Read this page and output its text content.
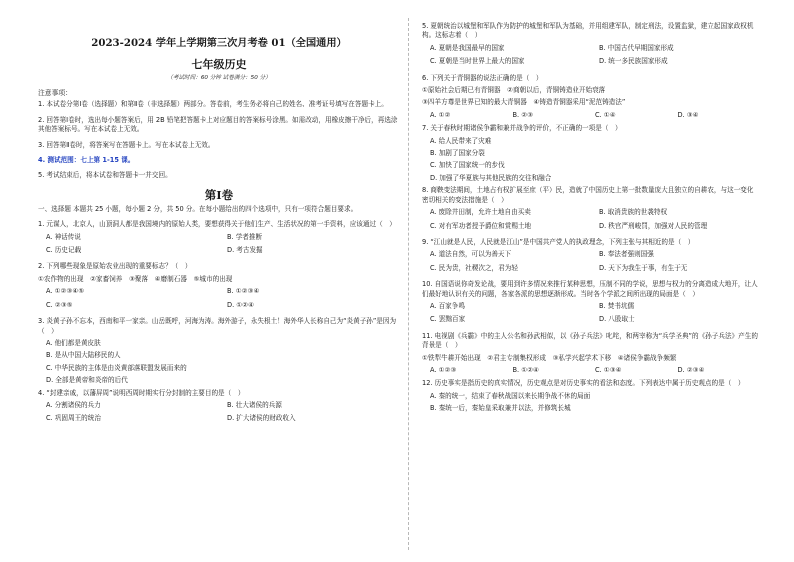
2023-2024 学年上学期第三次月考卷 01（全国通用）
七年级历史
（考试时间：60 分钟 试卷满分：50 分）
注意事项：
1. 本试卷分第Ⅰ卷（选择题）和第Ⅱ卷（非选择题）两部分。答卷前，考生务必将自己的姓名、准考证号填写在答题卡上。
2. 回答第Ⅰ卷时，选出每小题答案后，用 2B 铅笔把答题卡上对应题目的答案标号涂黑。如需改动，用橡皮擦干净后，再选涂其他答案标号。写在本试卷上无效。
3. 回答第Ⅱ卷时，将答案写在答题卡上。写在本试卷上无效。
4. 测试范围：七上第 1-15 课。
5. 考试结束后，将本试卷和答题卡一并交回。
第Ⅰ卷
一、选择题 本题共 25 小题，每小题 2 分，共 50 分。在每小题给出的四个选项中，只有一项符合题目要求。
1. 元谋人，北京人，山顶洞人都是我国境内的原始人类，要想获得关于他们生产、生活状况的第一手资料，应该通过（　）
A. 神话传说	B. 学者推断
C. 历史记载	D. 考古发掘
2. 下列哪些现象是原始农业出现的重要标志？（　）
①农作物的出现　②家畜饲养　③聚落　④磨制石器　⑤城市的出现
A. ①②③④⑤	B. ①②③④
C. ②③⑤	D. ①②④
3. 炎黄子孙不忘本，西南和平一家亲。山岳既呼，河海为涛。海外游子，永失根土！海外华人长称自己为“炎黄子孙”是因为（　）
A. 他们都是黄皮肤
B. 是从中国大陆移民的人
C. 中华民族的主体是由炎黄部落联盟发展而来的
D. 全部是黄帝和炎帝的后代
4. “封建亲戚，以藩屏周”说明西周时期实行分封制的主要目的是（　）
A. 分割诸侯的兵力	B. 壮大诸侯的兵源
C. 巩固周王的统治	D. 扩大诸侯的财政收入
5. 夏朝统治以城堡和军队作为防护的城堡和军队为基础，并用组建军队，制定刑法，设置监狱，建立起国家政权机构。这标志着（　）
A. 夏朝是我国最早的国家	B. 中国古代早期国家形成
C. 夏朝是当时世界上最大的国家	D. 统一多民族国家形成
6. 下列关于青铜器的说法正确的是（　）
①原始社会后期已有青铜器　②商朝以后，青铜铸造业开始衰落
③四羊方尊是世界已知的最大青铜器　④铸造青铜器采用“泥范铸造法”
A. ①②	B. ②③	C. ①④	D. ③④
7. 关于春秋时期诸侯争霸和兼并战争的评价，不正确的一项是（　）
A. 给人民带来了灾难
B. 加剧了国家分裂
C. 加快了国家统一的步伐
D. 加强了华夏族与其他民族的交往和融合
8. 商鞅变法期间，土地占有权扩展至庶（平）民，造就了中国历史上第一批数量庞大且独立的自耕农，与这一变化密切相关的变法措施是（　）
A. 废除井田制，允许土地自由买卖	B. 取消贵族的世袭特权
C. 对有军功者授予爵位和赏赐土地	D. 秩官严刑峻罚，加强对人民的管理
9. “江山就是人民，人民就是江山”是中国共产党人的执政理念，下列主张与其相近的是（　）
A. 道法自然，可以为善天下	B. 奉法者强则国强
C. 民为贵，社稷次之，君为轻	D. 天下为我生于事，有生于无
10. 自国语说你奇发论战，要用到许多情况来推行某种思想，压制不同的学说，思想与权力的分离造成大地开，让人们最好地认识有关的问题，各家各派的思想逐渐形成。当时各个学派之间所出现的局面是（　）
A. 百家争鸣	B. 焚书坑儒
C. 罢黜百家	D. 八股取士
11. 电视剧《兵霸》中的主人公名和孙武相似，以《孙子兵法》叱咤，和两宰称为“兵学圣典”的《孙子兵法》产生的背景是（　）
①铁犁牛耕开始出现　②君主专制集权形成　③私学兴起学术下移　④诸侯争霸战争频繁
A. ①②③	B. ①②④	C. ①③④	D. ②③④
12. 历史事实是指历史的真实情况，历史观点是对历史事实的看法和态度。下列表达中属于历史观点的是（　）
A. 秦的统一，结束了春秋战国以来长期争战不休的局面
B. 秦统一后，秦始皇采取兼并以法，并修筑长城
